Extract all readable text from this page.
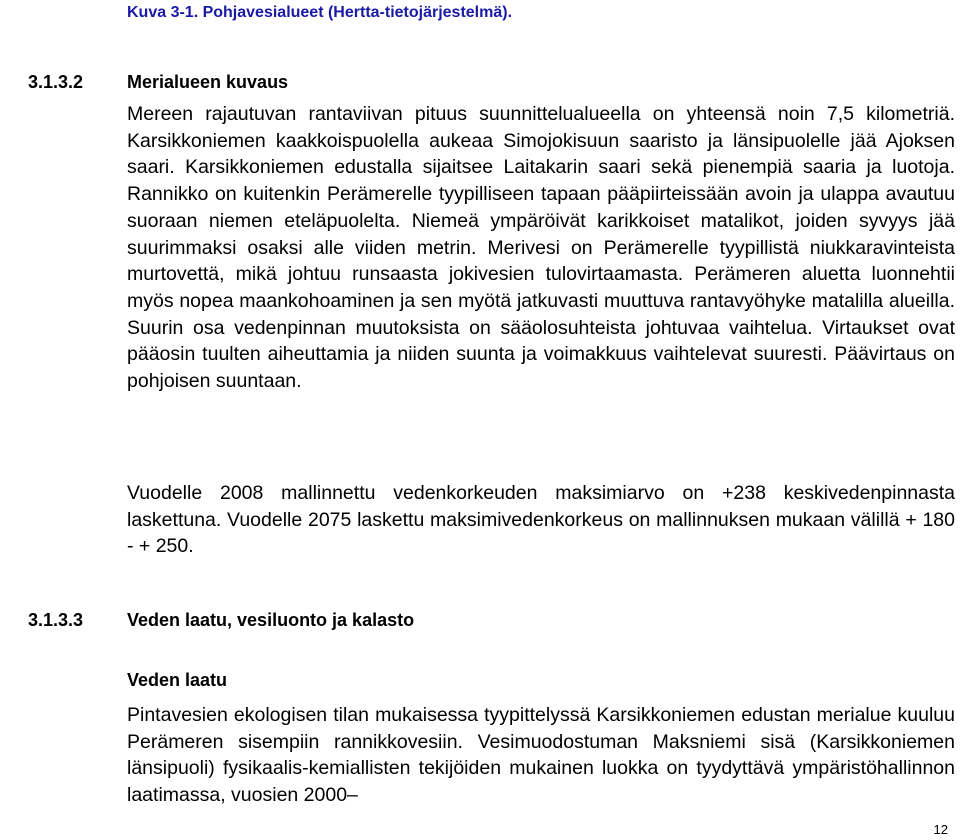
Kuva 3-1. Pohjavesialueet (Hertta-tietojärjestelmä).
3.1.3.2 Merialueen kuvaus

Mereen rajautuvan rantaviivan pituus suunnittelualueella on yhteensä noin 7,5 kilometriä. Karsikkoniemen kaakkoispuolella aukeaa Simojokisuun saaristo ja länsipuolelle jää Ajoksen saari. Karsikkoniemen edustalla sijaitsee Laitakarin saari sekä pienempiä saaria ja luotoja. Rannikko on kuitenkin Perämerelle tyypilliseen tapaan pääpiirteissään avoin ja ulappa avautuu suoraan niemen eteläpuolelta. Niemeä ympäröivät karikkoiset matalikot, joiden syvyys jää suurimmaksi osaksi alle viiden metrin. Merivesi on Perämerelle tyypillistä niukkaravinteista murtovettä, mikä johtuu runsaasta jokivesien tulovirtaamasta. Perämeren aluetta luonnehtii myös nopea maankohoaminen ja sen myötä jatkuvasti muuttuva rantavyöhyke matalilla alueilla. Suurin osa vedenpinnan muutoksista on sääolosuhteista johtuvaa vaihtelua. Virtaukset ovat pääosin tuulten aiheuttamia ja niiden suunta ja voimakkuus vaihtelevat suuresti. Päävirtaus on pohjoisen suuntaan.

Vuodelle 2008 mallinnettu vedenkorkeuden maksimiarvo on +238 keskivedenpinnasta laskettuna. Vuodelle 2075 laskettu maksimivedenkorkeus on mallinnuksen mukaan välillä + 180 - + 250.

3.1.3.3 Veden laatu, vesiluonto ja kalasto
Veden laatu

Pintavesien ekologisen tilan mukaisessa tyypittelyssä Karsikkoniemen edustan merialue kuuluu Perämeren sisempiin rannikkovesiin. Vesimuodostuman Maksniemi sisä (Karsikkoniemen länsipuoli) fysikaalis-kemiallisten tekijöiden mukainen luokka on tyydyttävä ympäristöhallinnon laatimassa, vuosien 2000–

12
